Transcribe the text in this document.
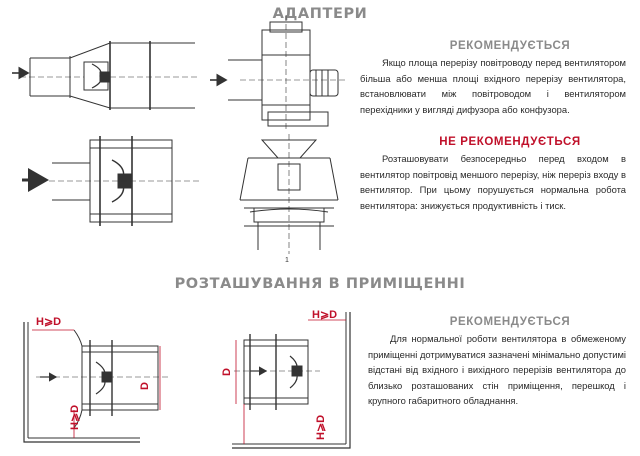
АДАПТЕРИ
РЕКОМЕНДУЄТЬСЯ
Якщо площа перерізу повітроводу перед вентилятором більша або менша площі вхідного перерізу вентилятора, встановлювати між повітроводом і вентилятором перехідники у вигляді дифузора або конфузора.
НЕ РЕКОМЕНДУЄТЬСЯ
Розташовувати безпосередньо перед входом в вентилятор повітровід меншого перерізу, ніж переріз входу в вентилятор. При цьому порушується нормальна робота вентилятора: знижується продуктивність і тиск.
РОЗТАШУВАННЯ В ПРИМІЩЕННІ
РЕКОМЕНДУЄТЬСЯ
Для нормальної роботи вентилятора в обмеженому приміщенні дотримуватися зазначені мінімально допустимі відстані від вхідного і вихідного перерізів вентилятора до близько розташованих стін приміщення, перешкод і крупного габаритного обладнання.
1
H⩾D
D
H⩾D
H⩾D
D
H⩾D
